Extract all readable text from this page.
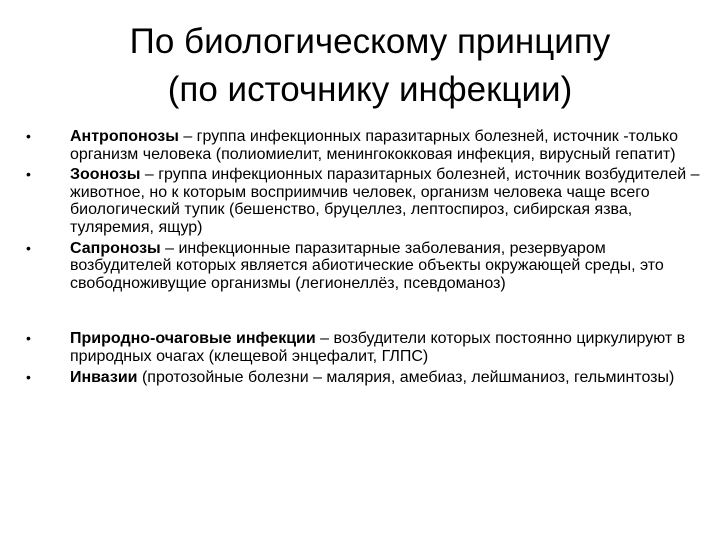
По биологическому принципу
(по источнику инфекции)
•	Антропонозы – группа инфекционных паразитарных болезней, источник -только организм человека (полиомиелит, менингококковая инфекция, вирусный гепатит)
•	Зоонозы – группа инфекционных паразитарных болезней, источник возбудителей – животное, но к которым восприимчив человек, организм человека чаще всего биологический тупик (бешенство, бруцеллез, лептоспироз, сибирская язва, туляремия, ящур)
•	Сапронозы – инфекционные паразитарные заболевания, резервуаром возбудителей которых является абиотические объекты окружающей среды, это свободноживущие организмы (легионеллёз, псевдоманоз)
•	Природно-очаговые инфекции – возбудители которых постоянно циркулируют в природных очагах (клещевой энцефалит, ГЛПС)
•	Инвазии (протозойные болезни – малярия, амебиаз, лейшманиоз, гельминтозы)
